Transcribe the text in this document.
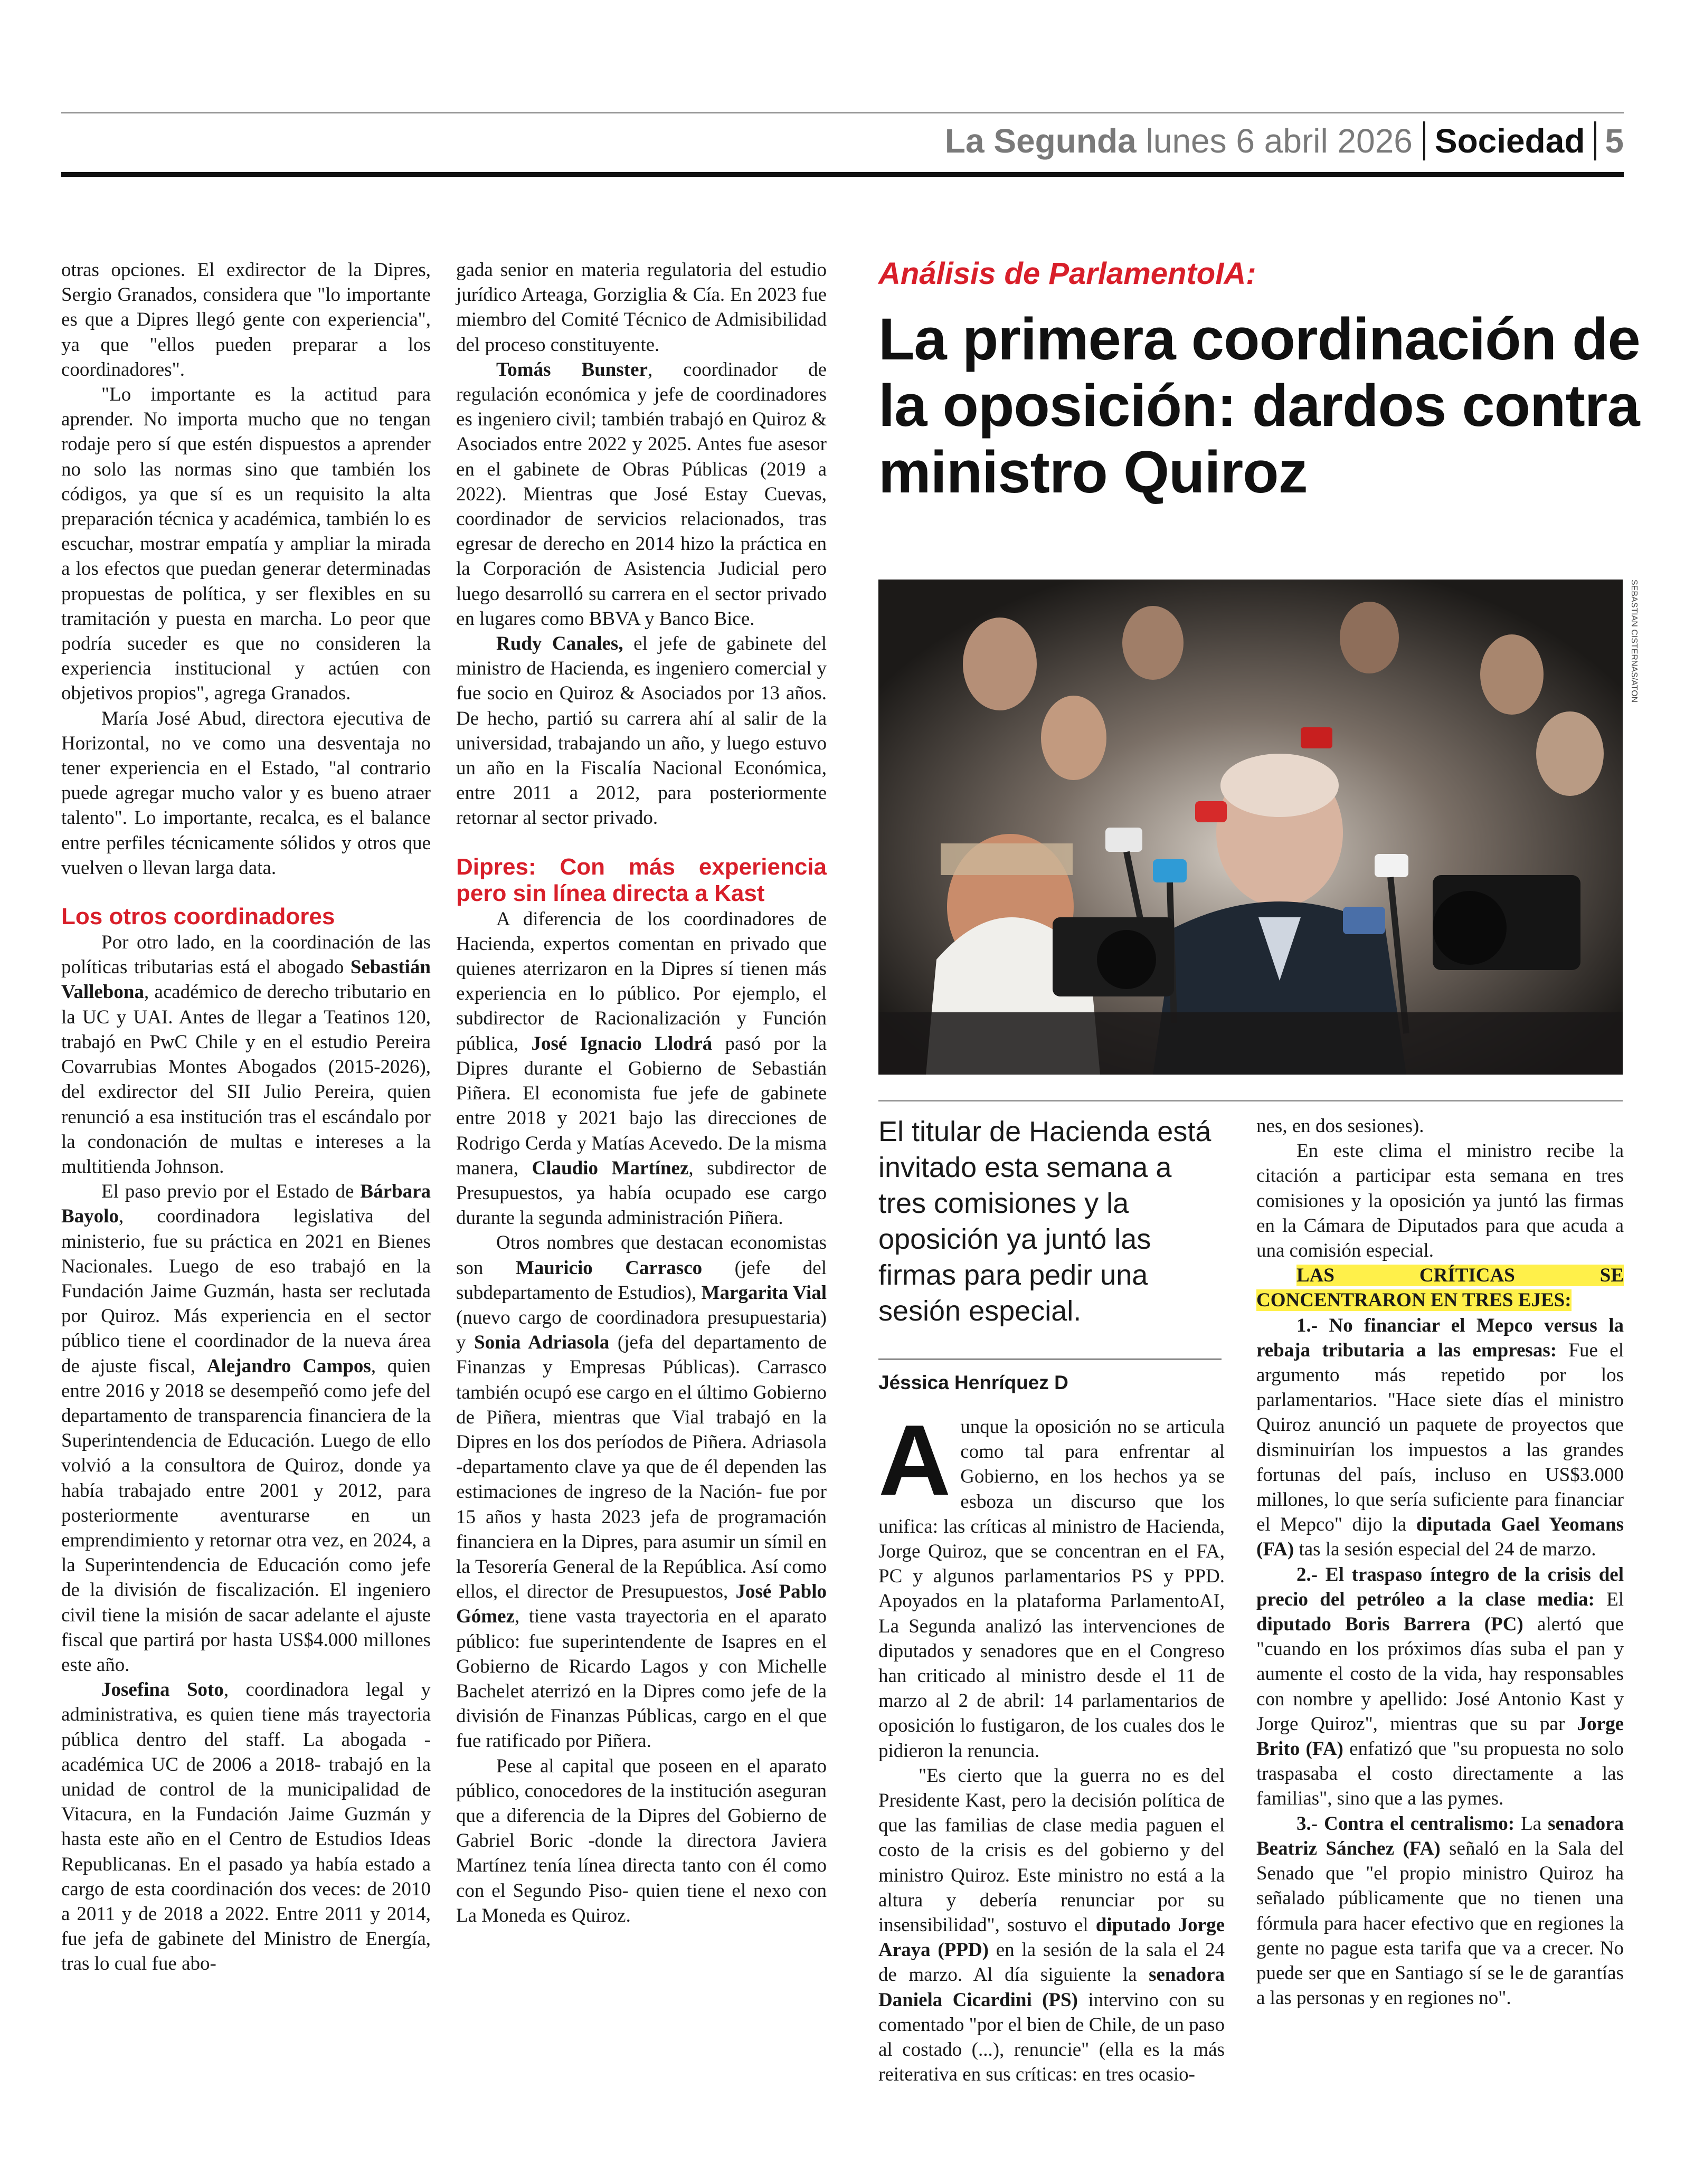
La Segunda lunes 6 abril 2026 Sociedad 5

otras opciones. El exdirector de la Dipres, Sergio Granados, considera que "lo importante es que a Dipres llegó gente con experiencia", ya que "ellos pueden preparar a los coordinadores".

"Lo importante es la actitud para aprender. No importa mucho que no tengan rodaje pero sí que estén dispuestos a aprender no solo las normas sino que también los códigos, ya que sí es un requisito la alta preparación técnica y académica, también lo es escuchar, mostrar empatía y ampliar la mirada a los efectos que puedan generar determinadas propuestas de política, y ser flexibles en su tramitación y puesta en marcha. Lo peor que podría suceder es que no consideren la experiencia institucional y actúen con objetivos propios", agrega Granados.

María José Abud, directora ejecutiva de Horizontal, no ve como una desventaja no tener experiencia en el Estado, "al contrario puede agregar mucho valor y es bueno atraer talento". Lo importante, recalca, es el balance entre perfiles técnicamente sólidos y otros que vuelven o llevan larga data.

Los otros coordinadores

Por otro lado, en la coordinación de las políticas tributarias está el abogado Sebastián Vallebona, académico de derecho tributario en la UC y UAI. Antes de llegar a Teatinos 120, trabajó en PwC Chile y en el estudio Pereira Covarrubias Montes Abogados (2015-2026), del exdirector del SII Julio Pereira, quien renunció a esa institución tras el escándalo por la condonación de multas e intereses a la multitienda Johnson.

El paso previo por el Estado de Bárbara Bayolo, coordinadora legislativa del ministerio, fue su práctica en 2021 en Bienes Nacionales. Luego de eso trabajó en la Fundación Jaime Guzmán, hasta ser reclutada por Quiroz. Más experiencia en el sector público tiene el coordinador de la nueva área de ajuste fiscal, Alejandro Campos, quien entre 2016 y 2018 se desempeñó como jefe del departamento de transparencia financiera de la Superintendencia de Educación. Luego de ello volvió a la consultora de Quiroz, donde ya había trabajado entre 2001 y 2012, para posteriormente aventurarse en un emprendimiento y retornar otra vez, en 2024, a la Superintendencia de Educación como jefe de la división de fiscalización. El ingeniero civil tiene la misión de sacar adelante el ajuste fiscal que partirá por hasta US$4.000 millones este año.

Josefina Soto, coordinadora legal y administrativa, es quien tiene más trayectoria pública dentro del staff. La abogada -académica UC de 2006 a 2018- trabajó en la unidad de control de la municipalidad de Vitacura, en la Fundación Jaime Guzmán y hasta este año en el Centro de Estudios Ideas Republicanas. En el pasado ya había estado a cargo de esta coordinación dos veces: de 2010 a 2011 y de 2018 a 2022. Entre 2011 y 2014, fue jefa de gabinete del Ministro de Energía, tras lo cual fue abo-

gada senior en materia regulatoria del estudio jurídico Arteaga, Gorziglia & Cía. En 2023 fue miembro del Comité Técnico de Admisibilidad del proceso constituyente.

Tomás Bunster, coordinador de regulación económica y jefe de coordinadores es ingeniero civil; también trabajó en Quiroz & Asociados entre 2022 y 2025. Antes fue asesor en el gabinete de Obras Públicas (2019 a 2022). Mientras que José Estay Cuevas, coordinador de servicios relacionados, tras egresar de derecho en 2014 hizo la práctica en la Corporación de Asistencia Judicial pero luego desarrolló su carrera en el sector privado en lugares como BBVA y Banco Bice.

Rudy Canales, el jefe de gabinete del ministro de Hacienda, es ingeniero comercial y fue socio en Quiroz & Asociados por 13 años. De hecho, partió su carrera ahí al salir de la universidad, trabajando un año, y luego estuvo un año en la Fiscalía Nacional Económica, entre 2011 a 2012, para posteriormente retornar al sector privado.

Dipres: Con más experiencia pero sin línea directa a Kast

A diferencia de los coordinadores de Hacienda, expertos comentan en privado que quienes aterrizaron en la Dipres sí tienen más experiencia en lo público. Por ejemplo, el subdirector de Racionalización y Función pública, José Ignacio Llodrá pasó por la Dipres durante el Gobierno de Sebastián Piñera. El economista fue jefe de gabinete entre 2018 y 2021 bajo las direcciones de Rodrigo Cerda y Matías Acevedo. De la misma manera, Claudio Martínez, subdirector de Presupuestos, ya había ocupado ese cargo durante la segunda administración Piñera.

Otros nombres que destacan economistas son Mauricio Carrasco (jefe del subdepartamento de Estudios), Margarita Vial (nuevo cargo de coordinadora presupuestaria) y Sonia Adriasola (jefa del departamento de Finanzas y Empresas Públicas). Carrasco también ocupó ese cargo en el último Gobierno de Piñera, mientras que Vial trabajó en la Dipres en los dos períodos de Piñera. Adriasola -departamento clave ya que de él dependen las estimaciones de ingreso de la Nación- fue por 15 años y hasta 2023 jefa de programación financiera en la Dipres, para asumir un símil en la Tesorería General de la República. Así como ellos, el director de Presupuestos, José Pablo Gómez, tiene vasta trayectoria en el aparato público: fue superintendente de Isapres en el Gobierno de Ricardo Lagos y con Michelle Bachelet aterrizó en la Dipres como jefe de la división de Finanzas Públicas, cargo en el que fue ratificado por Piñera.

Pese al capital que poseen en el aparato público, conocedores de la institución aseguran que a diferencia de la Dipres del Gobierno de Gabriel Boric -donde la directora Javiera Martínez tenía línea directa tanto con él como con el Segundo Piso- quien tiene el nexo con La Moneda es Quiroz.

Análisis de ParlamentoIA:
La primera coordinación de la oposición: dardos contra ministro Quiroz
SEBASTIAN CISTERNAS/ATON
El titular de Hacienda está invitado esta semana a tres comisiones y la oposición ya juntó las firmas para pedir una sesión especial.
Jéssica Henríquez D

Aunque la oposición no se articula como tal para enfrentar al Gobierno, en los hechos ya se esboza un discurso que los unifica: las críticas al ministro de Hacienda, Jorge Quiroz, que se concentran en el FA, PC y algunos parlamentarios PS y PPD. Apoyados en la plataforma ParlamentoAI, La Segunda analizó las intervenciones de diputados y senadores que en el Congreso han criticado al ministro desde el 11 de marzo al 2 de abril: 14 parlamentarios de oposición lo fustigaron, de los cuales dos le pidieron la renuncia.

"Es cierto que la guerra no es del Presidente Kast, pero la decisión política de que las familias de clase media paguen el costo de la crisis es del gobierno y del ministro Quiroz. Este ministro no está a la altura y debería renunciar por su insensibilidad", sostuvo el diputado Jorge Araya (PPD) en la sesión de la sala el 24 de marzo. Al día siguiente la senadora Daniela Cicardini (PS) intervino con su comentado "por el bien de Chile, de un paso al costado (...), renuncie" (ella es la más reiterativa en sus críticas: en tres ocasio-

nes, en dos sesiones).

En este clima el ministro recibe la citación a participar esta semana en tres comisiones y la oposición ya juntó las firmas en la Cámara de Diputados para que acuda a una comisión especial.

LAS CRÍTICAS SE CONCENTRARON EN TRES EJES:

1.- No financiar el Mepco versus la rebaja tributaria a las empresas: Fue el argumento más repetido por los parlamentarios. "Hace siete días el ministro Quiroz anunció un paquete de proyectos que disminuirían los impuestos a las grandes fortunas del país, incluso en US$3.000 millones, lo que sería suficiente para financiar el Mepco" dijo la diputada Gael Yeomans (FA) tas la sesión especial del 24 de marzo.

2.- El traspaso íntegro de la crisis del precio del petróleo a la clase media: El diputado Boris Barrera (PC) alertó que "cuando en los próximos días suba el pan y aumente el costo de la vida, hay responsables con nombre y apellido: José Antonio Kast y Jorge Quiroz", mientras que su par Jorge Brito (FA) enfatizó que "su propuesta no solo traspasaba el costo directamente a las familias", sino que a las pymes.

3.- Contra el centralismo: La senadora Beatriz Sánchez (FA) señaló en la Sala del Senado que "el propio ministro Quiroz ha señalado públicamente que no tienen una fórmula para hacer efectivo que en regiones la gente no pague esta tarifa que va a crecer. No puede ser que en Santiago sí se le de garantías a las personas y en regiones no".
